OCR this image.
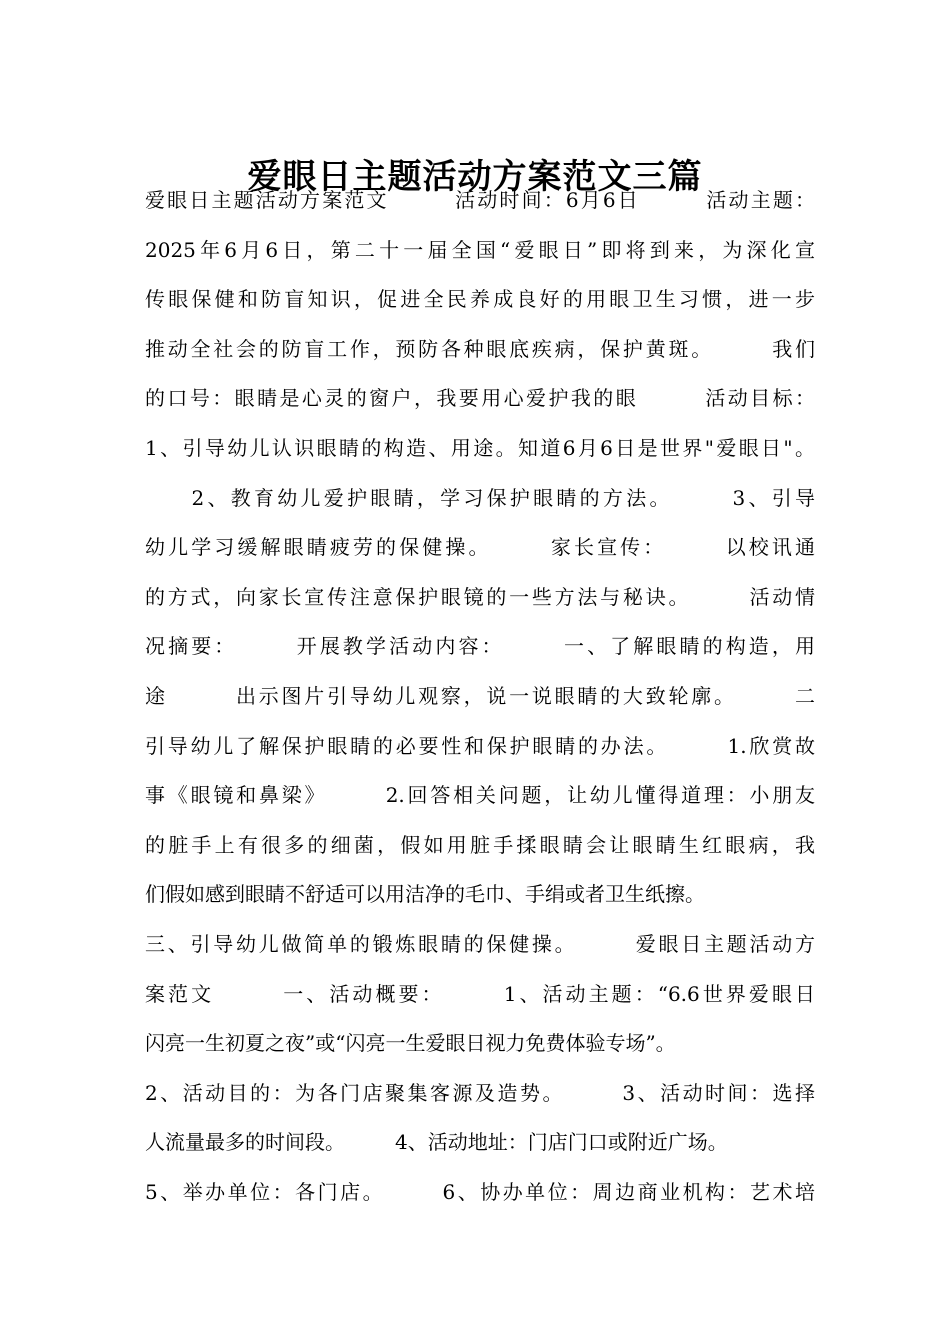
爱眼日主题活动方案范文三篇
爱眼日主题活动方案范文　　　活动时间：6月6日　　　活动主题：
2025年6月6日，第二十一届全国“爱眼日”即将到来，为深化宣
传眼保健和防盲知识，促进全民养成良好的用眼卫生习惯，进一步
推动全社会的防盲工作，预防各种眼底疾病，保护黄斑。　　　我们
的口号：眼睛是心灵的窗户，我要用心爱护我的眼　　　活动目标：
1、引导幼儿认识眼睛的构造、用途。知道6月6日是世界"爱眼日"。
　　2、教育幼儿爱护眼睛，学习保护眼睛的方法。　　　3、引导
幼儿学习缓解眼睛疲劳的保健操。　　　家长宣传：　　　以校讯通
的方式，向家长宣传注意保护眼镜的一些方法与秘诀。　　　活动情
况摘要：　　　开展教学活动内容：　　　一、了解眼睛的构造，用
途　　　出示图片引导幼儿观察，说一说眼睛的大致轮廓。　　　二
引导幼儿了解保护眼睛的必要性和保护眼睛的办法。　　　1.欣赏故
事《眼镜和鼻梁》　　　2.回答相关问题，让幼儿懂得道理：小朋友
的脏手上有很多的细菌，假如用脏手揉眼睛会让眼睛生红眼病，我
们假如感到眼睛不舒适可以用洁净的毛巾、手绢或者卫生纸擦。
三、引导幼儿做简单的锻炼眼睛的保健操。　　　爱眼日主题活动方
案范文　　　一、活动概要：　　　1、活动主题：“6.6世界爱眼日
闪亮一生初夏之夜”或“闪亮一生爱眼日视力免费体验专场”。
2、活动目的：为各门店聚集客源及造势。　　　3、活动时间：选择
人流量最多的时间段。　　　4、活动地址：门店门口或附近广场。
5、举办单位：各门店。　　　6、协办单位：周边商业机构：艺术培
